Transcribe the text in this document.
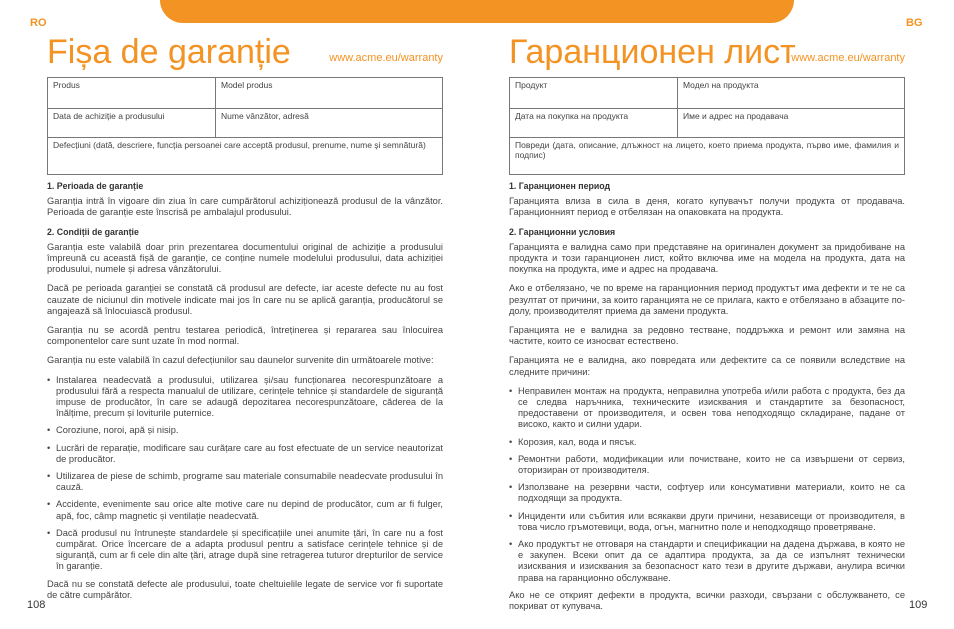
RO	BG
Fișa de garanție	www.acme.eu/warranty
Produs	Model produs
Data de achiziție a produsului	Nume vânzător, adresă
Defecțiuni (dată, descriere, funcția persoanei care acceptă produsul, prenume, nume și semnătură)
1. Perioada de garanție

Garanția intră în vigoare din ziua în care cumpărătorul achiziționează produsul de la vânzător. Perioada de garanție este înscrisă pe ambalajul produsului.

2. Condiții de garanție

Garanția este valabilă doar prin prezentarea documentului original de achiziție a produsului împreună cu această fișă de garanție, ce conține numele modelului produsului, data achiziției produsului, numele și adresa vânzătorului.

Dacă pe perioada garanției se constată că produsul are defecte, iar aceste defecte nu au fost cauzate de niciunul din motivele indicate mai jos în care nu se aplică garanția, producătorul se angajează să înlocuiască produsul.

Garanția nu se acordă pentru testarea periodică, întreținerea și repararea sau înlocuirea componentelor care sunt uzate în mod normal.

Garanția nu este valabilă în cazul defecțiunilor sau daunelor survenite din următoarele motive:

• Instalarea neadecvată a produsului, utilizarea și/sau funcționarea necorespunzătoare a produsului fără a respecta manualul de utilizare, cerințele tehnice și standardele de siguranță impuse de producător, în care se adaugă depozitarea necorespunzătoare, căderea de la înălțime, precum și loviturile puternice.
• Coroziune, noroi, apă și nisip.
• Lucrări de reparație, modificare sau curățare care au fost efectuate de un service neautorizat de producător.
• Utilizarea de piese de schimb, programe sau materiale consumabile neadecvate produsului în cauză.
• Accidente, evenimente sau orice alte motive care nu depind de producător, cum ar fi fulger, apă, foc, câmp magnetic și ventilație neadecvată.
• Dacă produsul nu întrunește standardele și specificațiile unei anumite țări, în care nu a fost cumpărat. Orice încercare de a adapta produsul pentru a satisface cerințele tehnice și de siguranță, cum ar fi cele din alte țări, atrage după sine retragerea tuturor drepturilor de service în garanție.

Dacă nu se constată defecte ale produsului, toate cheltuielile legate de service vor fi suportate de către cumpărător.

Гаранционен лист
www.acme.eu/warranty
Продукт	Модел на продукта
Дата на покупка на продукта	Име и адрес на продавача
Повреди (дата, описание, длъжност на лицето, което приема продукта, първо име, фамилия и подпис)
1. Гаранционен период

Гаранцията влиза в сила в деня, когато купувачът получи продукта от продавача. Гаранционният период е отбелязан на опаковката на продукта.

2. Гаранционни условия

Гаранцията е валидна само при представяне на оригинален документ за придобиване на продукта и този гаранционен лист, който включва име на модела на продукта, дата на покупка на продукта, име и адрес на продавача.

Ако е отбелязано, че по време на гаранционния период продуктът има дефекти и те не са резултат от причини, за които гаранцията не се прилага, както е отбелязано в абзаците по-долу, производителят приема да замени продукта.

Гаранцията не е валидна за редовно тестване, поддръжка и ремонт или замяна на частите, които се износват естествено.

Гаранцията не е валидна, ако повредата или дефектите са се появили вследствие на следните причини:

• Неправилен монтаж на продукта, неправилна употреба и/или работа с продукта, без да се следва наръчника, техническите изисквания и стандартите за безопасност, предоставени от производителя, и освен това неподходящо складиране, падане от високо, както и силни удари.
• Корозия, кал, вода и пясък.
• Ремонтни работи, модификации или почистване, които не са извършени от сервиз, оторизиран от производителя.
• Използване на резервни части, софтуер или консумативни материали, които не са подходящи за продукта.
• Инциденти или събития или всякакви други причини, независещи от производителя, в това число гръмотевици, вода, огън, магнитно поле и неподходящо проветряване.
• Ако продуктът не отговаря на стандарти и спецификации на дадена държава, в която не е закупен. Всеки опит да се адаптира продукта, за да се изпълнят технически изисквания и изисквания за безопасност като тези в другите държави, анулира всички права на гаранционно обслужване.

Ако не се открият дефекти в продукта, всички разходи, свързани с обслужването, се покриват от купувача.

108	109
